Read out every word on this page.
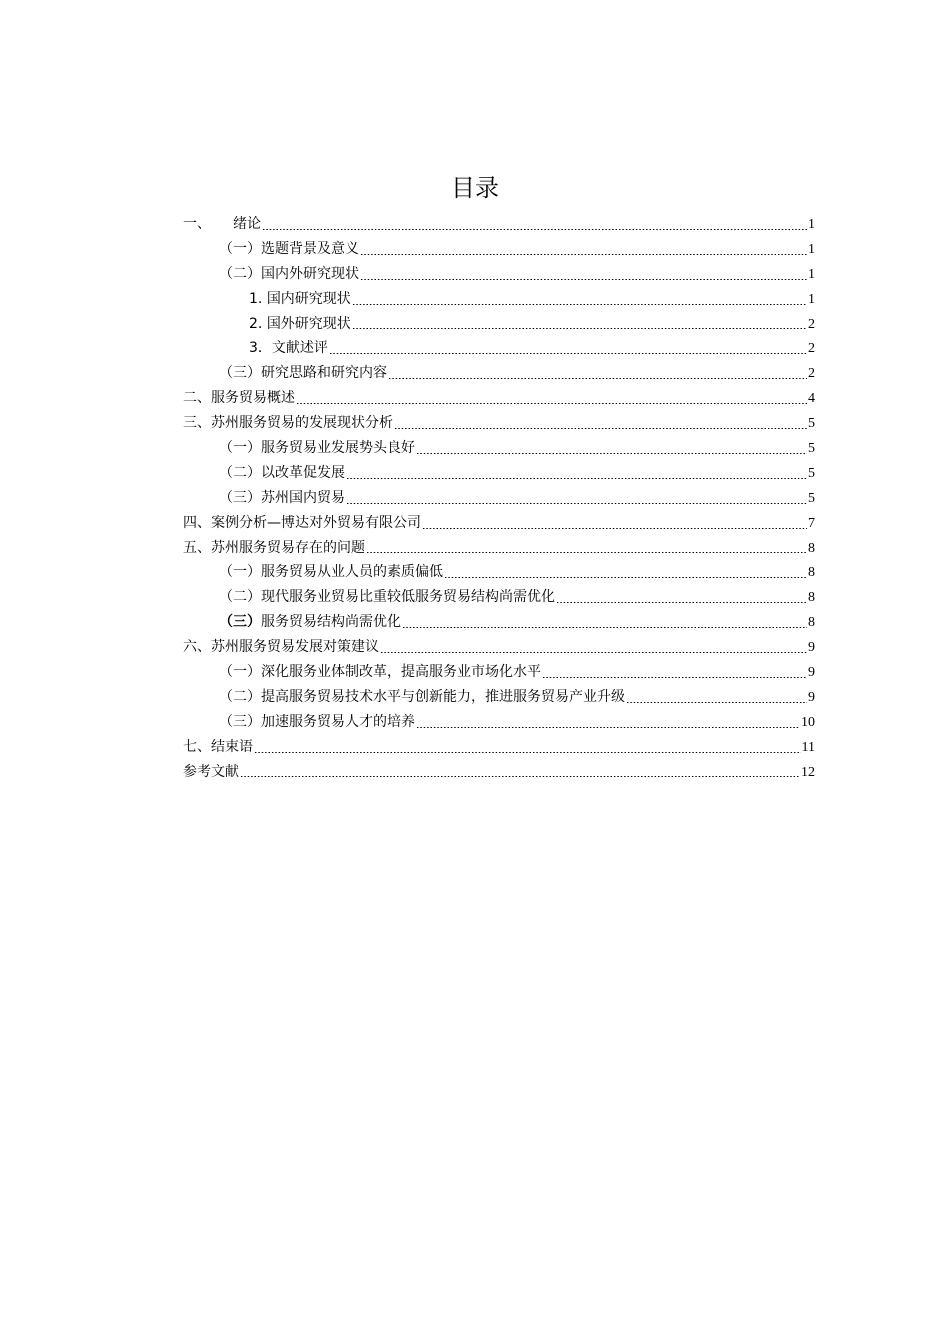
目录
一、 绪论	1
（一）选题背景及意义	1
（二）国内外研究现状	1
1. 国内研究现状	1
2. 国外研究现状	2
3．文献述评	2
（三）研究思路和研究内容	2
二、服务贸易概述	4
三、苏州服务贸易的发展现状分析	5
（一）服务贸易业发展势头良好	5
（二）以改革促发展	5
（三）苏州国内贸易	5
四、案例分析—博达对外贸易有限公司	7
五、苏州服务贸易存在的问题	8
（一）服务贸易从业人员的素质偏低	8
（二）现代服务业贸易比重较低服务贸易结构尚需优化	8
（三）服务贸易结构尚需优化	8
六、苏州服务贸易发展对策建议	9
（一）深化服务业体制改革，提高服务业市场化水平	9
（二）提高服务贸易技术水平与创新能力，推进服务贸易产业升级	9
（三）加速服务贸易人才的培养	10
七、结束语	11
参考文献	12
